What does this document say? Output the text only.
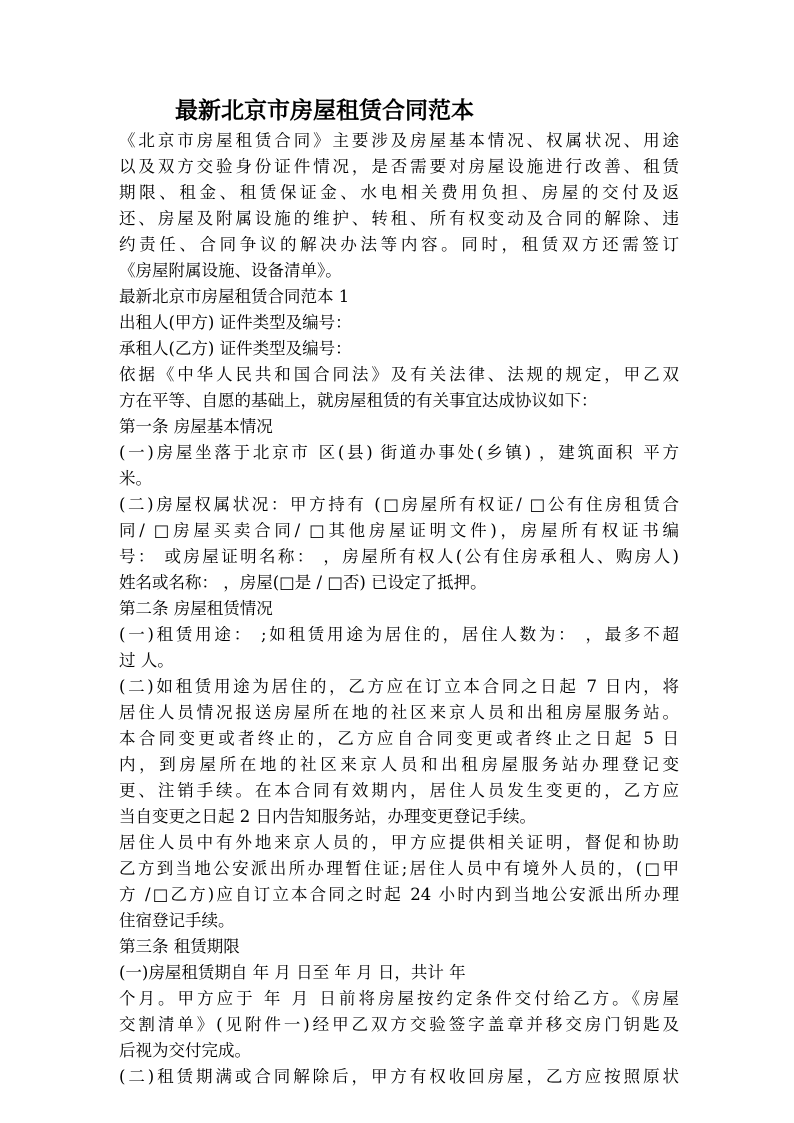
最新北京市房屋租赁合同范本
《北京市房屋租赁合同》主要涉及房屋基本情况、权属状况、用途
以及双方交验身份证件情况，是否需要对房屋设施进行改善、租赁
期限、租金、租赁保证金、水电相关费用负担、房屋的交付及返
还、房屋及附属设施的维护、转租、所有权变动及合同的解除、违
约责任、合同争议的解决办法等内容。同时，租赁双方还需签订
《房屋附属设施、设备清单》。
最新北京市房屋租赁合同范本 1
出租人(甲方) 证件类型及编号：
承租人(乙方) 证件类型及编号：
依据《中华人民共和国合同法》及有关法律、法规的规定，甲乙双
方在平等、自愿的基础上，就房屋租赁的有关事宜达成协议如下：
第一条 房屋基本情况
(一)房屋坐落于北京市 区(县) 街道办事处(乡镇) ，建筑面积 平方
米。
(二)房屋权属状况：甲方持有 (□房屋所有权证/ □公有住房租赁合
同/ □房屋买卖合同/ □其他房屋证明文件)，房屋所有权证书编
号： 或房屋证明名称： ，房屋所有权人(公有住房承租人、购房人)
姓名或名称： ，房屋(□是 / □否) 已设定了抵押。
第二条 房屋租赁情况
(一)租赁用途： ;如租赁用途为居住的，居住人数为： ，最多不超
过 人。
(二)如租赁用途为居住的，乙方应在订立本合同之日起 7 日内，将
居住人员情况报送房屋所在地的社区来京人员和出租房屋服务站。
本合同变更或者终止的，乙方应自合同变更或者终止之日起 5 日
内，到房屋所在地的社区来京人员和出租房屋服务站办理登记变
更、注销手续。在本合同有效期内，居住人员发生变更的，乙方应
当自变更之日起 2 日内告知服务站，办理变更登记手续。
居住人员中有外地来京人员的，甲方应提供相关证明，督促和协助
乙方到当地公安派出所办理暂住证;居住人员中有境外人员的，(□甲
方 /□乙方)应自订立本合同之时起 24 小时内到当地公安派出所办理
住宿登记手续。
第三条 租赁期限
(一)房屋租赁期自 年 月 日至 年 月 日，共计 年
个月。甲方应于 年 月 日前将房屋按约定条件交付给乙方。《房屋
交割清单》(见附件一)经甲乙双方交验签字盖章并移交房门钥匙及
后视为交付完成。
(二)租赁期满或合同解除后，甲方有权收回房屋，乙方应按照原状
